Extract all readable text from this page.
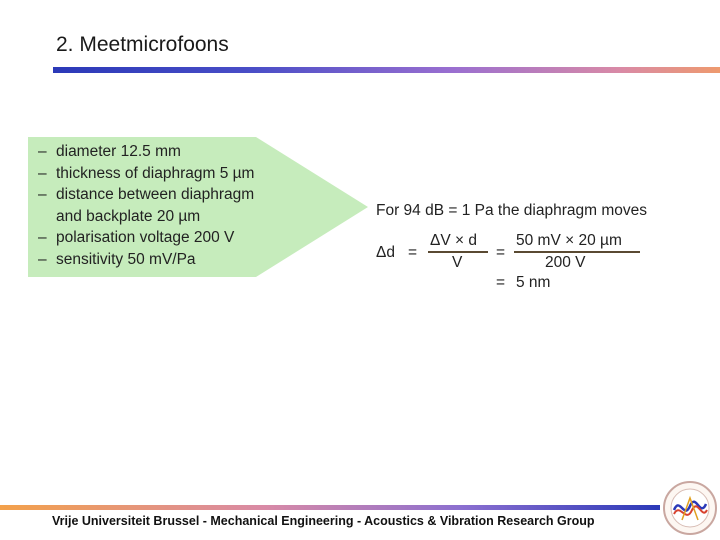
2. Meetmicrofoons
– diameter 12.5 mm
– thickness of diaphragm 5 µm
– distance between diaphragm
and backplate 20 µm
– polarisation voltage 200 V
– sensitivity 50 mV/Pa
For 94 dB = 1 Pa the diaphragm moves
Δd =
ΔV × d
V
=
50 mV × 20 µm
200 V
= 5 nm
Vrije Universiteit Brussel - Mechanical Engineering - Acoustics & Vibration Research Group
